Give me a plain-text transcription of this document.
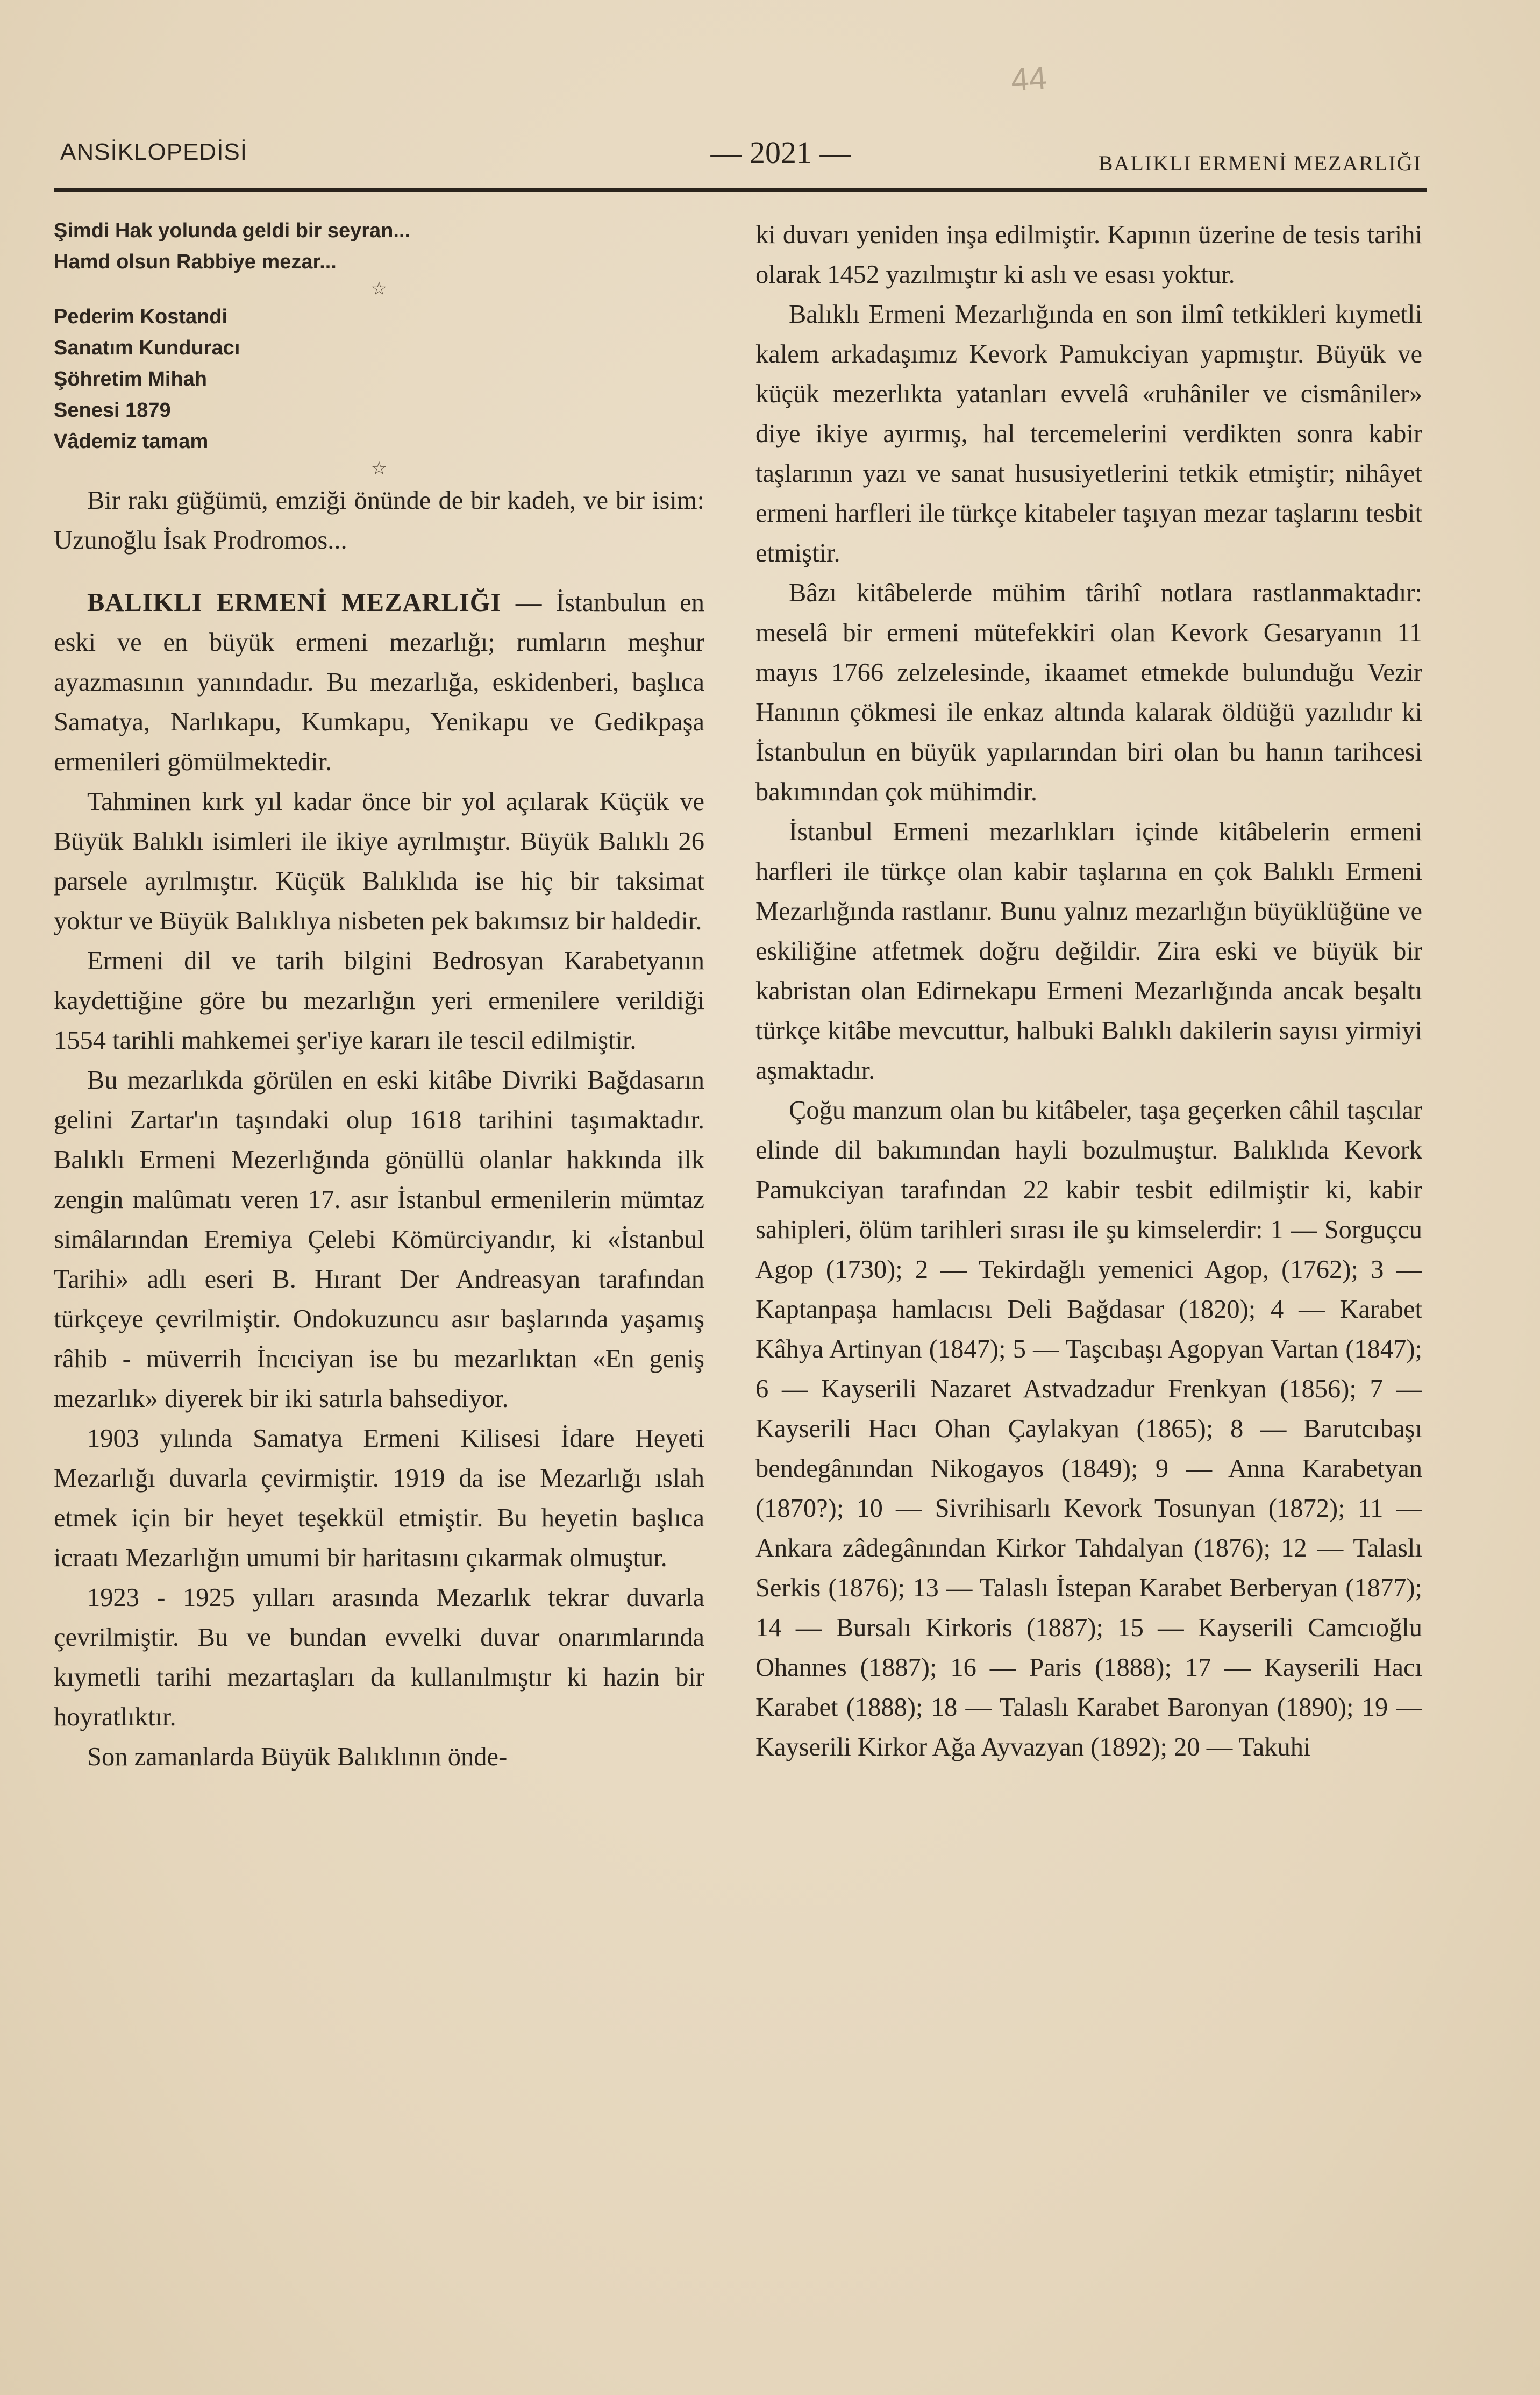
44
ANSİKLOPEDİSİ	— 2021 —	BALIKLI ERMENİ MEZARLIĞI

Şimdi Hak yolunda geldi bir seyran...

Hamd olsun Rabbiye mezar...

☆

Pederim Kostandi

Sanatım Kunduracı

Şöhretim Mihah

Senesi 1879

Vâdemiz tamam

☆

Bir rakı güğümü, emziği önünde de bir kadeh, ve bir isim: Uzunoğlu İsak Prodromos...

BALIKLI ERMENİ MEZARLIĞI — İstanbulun en eski ve en büyük ermeni mezarlığı; rumların meşhur ayazmasının yanındadır. Bu mezarlığa, eskidenberi, başlıca Samatya, Narlıkapu, Kumkapu, Yenikapu ve Gedikpaşa ermenileri gömülmektedir.

Tahminen kırk yıl kadar önce bir yol açılarak Küçük ve Büyük Balıklı isimleri ile ikiye ayrılmıştır. Büyük Balıklı 26 parsele ayrılmıştır. Küçük Balıklıda ise hiç bir taksimat yoktur ve Büyük Balıklıya nisbeten pek bakımsız bir haldedir.

Ermeni dil ve tarih bilgini Bedrosyan Karabetyanın kaydettiğine göre bu mezarlığın yeri ermenilere verildiği 1554 tarihli mahkemei şer'iye kararı ile tescil edilmiştir.

Bu mezarlıkda görülen en eski kitâbe Divriki Bağdasarın gelini Zartar'ın taşındaki olup 1618 tarihini taşımaktadır. Balıklı Ermeni Mezerlığında gönüllü olanlar hakkında ilk zengin malûmatı veren 17. asır İstanbul ermenilerin mümtaz simâlarından Eremiya Çelebi Kömürciyandır, ki «İstanbul Tarihi» adlı eseri B. Hırant Der Andreasyan tarafından türkçeye çevrilmiştir. Ondokuzuncu asır başlarında yaşamış râhib - müverrih İncıciyan ise bu mezarlıktan «En geniş mezarlık» diyerek bir iki satırla bahsediyor.

1903 yılında Samatya Ermeni Kilisesi İdare Heyeti Mezarlığı duvarla çevirmiştir. 1919 da ise Mezarlığı ıslah etmek için bir heyet teşekkül etmiştir. Bu heyetin başlıca icraatı Mezarlığın umumi bir haritasını çıkarmak olmuştur.

1923 - 1925 yılları arasında Mezarlık tekrar duvarla çevrilmiştir. Bu ve bundan evvelki duvar onarımlarında kıymetli tarihi mezartaşları da kullanılmıştır ki hazin bir hoyratlıktır.

Son zamanlarda Büyük Balıklının önde-

ki duvarı yeniden inşa edilmiştir. Kapının üzerine de tesis tarihi olarak 1452 yazılmıştır ki aslı ve esası yoktur.

Balıklı Ermeni Mezarlığında en son ilmî tetkikleri kıymetli kalem arkadaşımız Kevork Pamukciyan yapmıştır. Büyük ve küçük mezerlıkta yatanları evvelâ «ruhâniler ve cismâniler» diye ikiye ayırmış, hal tercemelerini verdikten sonra kabir taşlarının yazı ve sanat hususiyetlerini tetkik etmiştir; nihâyet ermeni harfleri ile türkçe kitabeler taşıyan mezar taşlarını tesbit etmiştir.

Bâzı kitâbelerde mühim târihî notlara rastlanmaktadır: meselâ bir ermeni mütefekkiri olan Kevork Gesaryanın 11 mayıs 1766 zelzelesinde, ikaamet etmekde bulunduğu Vezir Hanının çökmesi ile enkaz altında kalarak öldüğü yazılıdır ki İstanbulun en büyük yapılarından biri olan bu hanın tarihcesi bakımından çok mühimdir.

İstanbul Ermeni mezarlıkları içinde kitâbelerin ermeni harfleri ile türkçe olan kabir taşlarına en çok Balıklı Ermeni Mezarlığında rastlanır. Bunu yalnız mezarlığın büyüklüğüne ve eskiliğine atfetmek doğru değildir. Zira eski ve büyük bir kabristan olan Edirnekapu Ermeni Mezarlığında ancak beşaltı türkçe kitâbe mevcuttur, halbuki Balıklı dakilerin sayısı yirmiyi aşmaktadır.

Çoğu manzum olan bu kitâbeler, taşa geçerken câhil taşcılar elinde dil bakımından hayli bozulmuştur. Balıklıda Kevork Pamukciyan tarafından 22 kabir tesbit edilmiştir ki, kabir sahipleri, ölüm tarihleri sırası ile şu kimselerdir: 1 — Sorguçcu Agop (1730); 2 — Tekirdağlı yemenici Agop, (1762); 3 — Kaptanpaşa hamlacısı Deli Bağdasar (1820); 4 — Karabet Kâhya Artinyan (1847); 5 — Taşcıbaşı Agopyan Vartan (1847); 6 — Kayserili Nazaret Astvadzadur Frenkyan (1856); 7 — Kayserili Hacı Ohan Çaylakyan (1865); 8 — Barutcıbaşı bendegânından Nikogayos (1849); 9 — Anna Karabetyan (1870?); 10 — Sivrihisarlı Kevork Tosunyan (1872); 11 — Ankara zâdegânından Kirkor Tahdalyan (1876); 12 — Talaslı Serkis (1876); 13 — Talaslı İstepan Karabet Berberyan (1877); 14 — Bursalı Kirkoris (1887); 15 — Kayserili Camcıoğlu Ohannes (1887); 16 — Paris (1888); 17 — Kayserili Hacı Karabet (1888); 18 — Talaslı Karabet Baronyan (1890); 19 — Kayserili Kirkor Ağa Ayvazyan (1892); 20 — Takuhi
